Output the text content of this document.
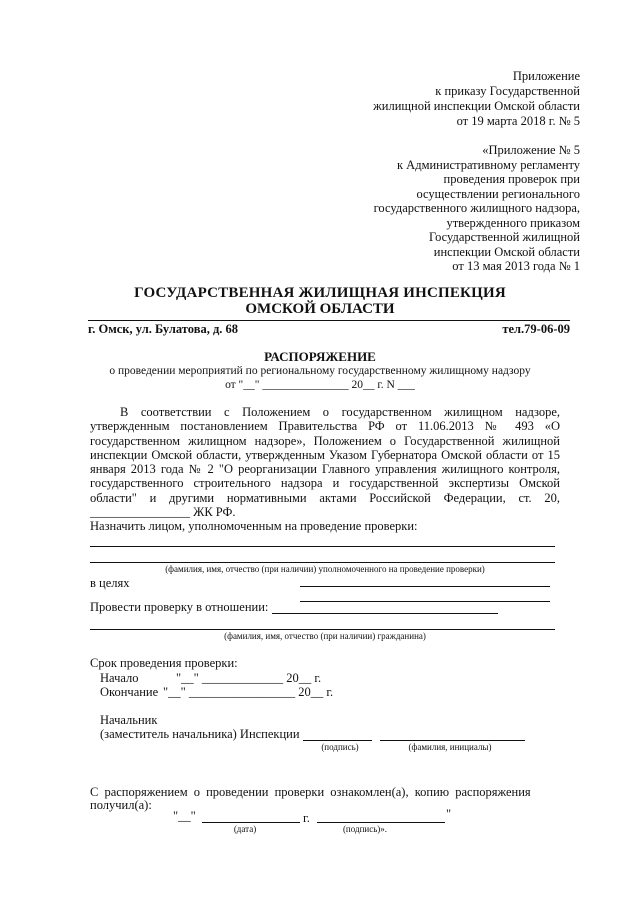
Приложение
к приказу Государственной
жилищной инспекции Омской области
от 19 марта 2018 г. № 5
«Приложение № 5
к Административному регламенту
проведения проверок при
осуществлении регионального
государственного жилищного надзора,
утвержденного приказом
Государственной жилищной
инспекции Омской области
от 13 мая 2013 года № 1
ГОСУДАРСТВЕННАЯ ЖИЛИЩНАЯ ИНСПЕКЦИЯ
ОМСКОЙ ОБЛАСТИ
г. Омск, ул. Булатова, д. 68	тел.79-06-09
РАСПОРЯЖЕНИЕ
о проведении мероприятий по региональному государственному жилищному надзору
от "__" _______________ 20__ г. N ___
В соответствии с Положением о государственном жилищном надзоре, утвержденным постановлением Правительства РФ от 11.06.2013 № 493 «О государственном жилищном надзоре», Положением о Государственной жилищной инспекции Омской области, утвержденным Указом Губернатора Омской области от 15 января 2013 года № 2 "О реорганизации Главного управления жилищного контроля, государственного строительного надзора и государственной экспертизы Омской области" и другими нормативными актами Российской Федерации, ст. 20, ________________ ЖК РФ.
Назначить лицом, уполномоченным на проведение проверки:
(фамилия, имя, отчество (при наличии) уполномоченного на проведение проверки)
в целях
Провести проверку в отношении:
(фамилия, имя, отчество (при наличии) гражданина)
Срок проведения проверки:
Начало	"__" _____________ 20__ г.
Окончание "__" _________________ 20__ г.
Начальник
(заместитель начальника) Инспекции
(подпись)	(фамилия, инициалы)
С распоряжением о проведении проверки ознакомлен(а), копию распоряжения
получил(а):
"__"	г.	"
(дата)	(подпись)».
